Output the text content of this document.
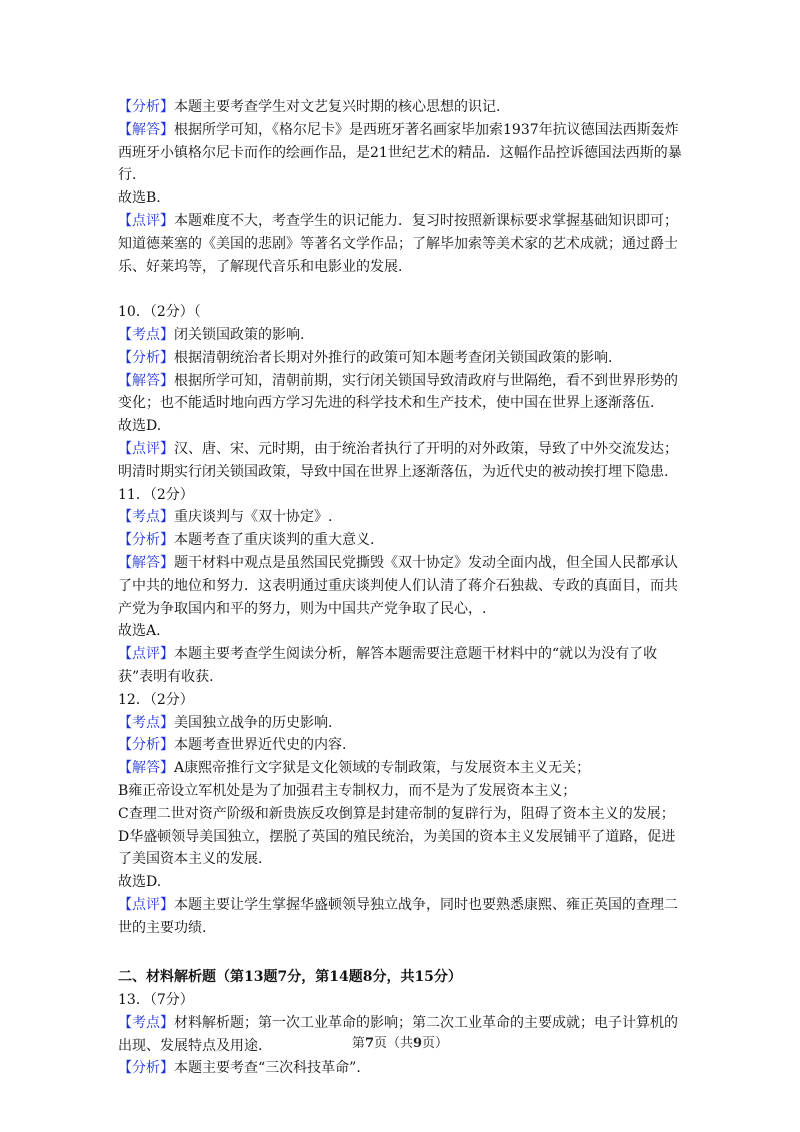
【分析】本题主要考查学生对文艺复兴时期的核心思想的识记.

【解答】根据所学可知，《格尔尼卡》是西班牙著名画家毕加索1937年抗议德国法西斯轰炸西班牙小镇格尔尼卡而作的绘画作品，是21世纪艺术的精品．这幅作品控诉德国法西斯的暴行.

故选B.

【点评】本题难度不大，考查学生的识记能力．复习时按照新课标要求掌握基础知识即可；知道德莱塞的《美国的悲剧》等著名文学作品；了解毕加索等美术家的艺术成就；通过爵士乐、好莱坞等，了解现代音乐和电影业的发展.

10．（2分）（

【考点】闭关锁国政策的影响.

【分析】根据清朝统治者长期对外推行的政策可知本题考查闭关锁国政策的影响.

【解答】根据所学可知，清朝前期，实行闭关锁国导致清政府与世隔绝，看不到世界形势的变化；也不能适时地向西方学习先进的科学技术和生产技术，使中国在世界上逐渐落伍.

故选D.

【点评】汉、唐、宋、元时期，由于统治者执行了开明的对外政策，导致了中外交流发达；明清时期实行闭关锁国政策，导致中国在世界上逐渐落伍，为近代史的被动挨打埋下隐患.

11．（2分）

【考点】重庆谈判与《双十协定》.

【分析】本题考查了重庆谈判的重大意义.

【解答】题干材料中观点是虽然国民党撕毁《双十协定》发动全面内战，但全国人民都承认了中共的地位和努力．这表明通过重庆谈判使人们认清了蒋介石独裁、专政的真面目，而共产党为争取国内和平的努力，则为中国共产党争取了民心，.

故选A.

【点评】本题主要考查学生阅读分析，解答本题需要注意题干材料中的“就以为没有了收获”表明有收获.

12．（2分）

【考点】美国独立战争的历史影响.

【分析】本题考查世界近代史的内容.

【解答】A康熙帝推行文字狱是文化领域的专制政策，与发展资本主义无关；

B雍正帝设立军机处是为了加强君主专制权力，而不是为了发展资本主义；

C查理二世对资产阶级和新贵族反攻倒算是封建帝制的复辟行为，阻碍了资本主义的发展；

D华盛顿领导美国独立，摆脱了英国的殖民统治，为美国的资本主义发展铺平了道路，促进了美国资本主义的发展.

故选D.

【点评】本题主要让学生掌握华盛顿领导独立战争，同时也要熟悉康熙、雍正英国的查理二世的主要功绩.

二、材料解析题（第13题7分，第14题8分，共15分）

13．（7分）

【考点】材料解析题；第一次工业革命的影响；第二次工业革命的主要成就；电子计算机的出现、发展特点及用途.

【分析】本题主要考查“三次科技革命”.

第7页（共9页）
